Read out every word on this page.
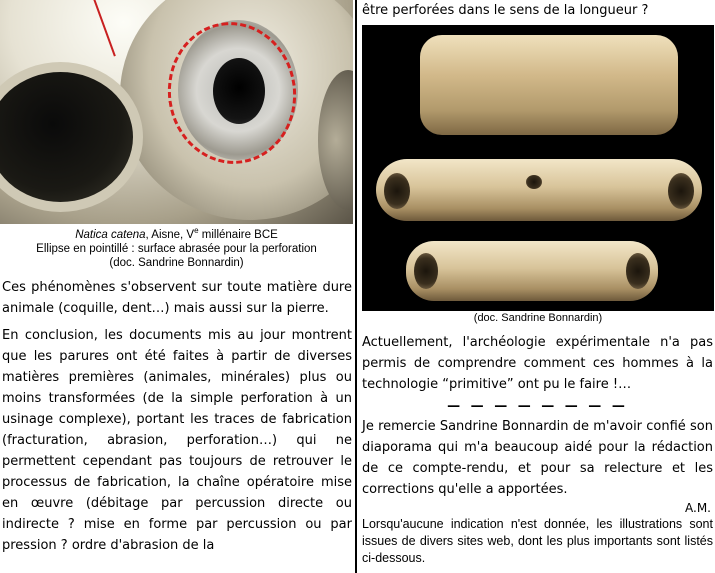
Natica catena, Aisne, Ve millénaire BCE
Ellipse en pointillé : surface abrasée pour la perforation
(doc. Sandrine Bonnardin)

Ces phénomènes s'observent sur toute matière dure animale (coquille, dent…) mais aussi sur la pierre.

En conclusion, les documents mis au jour montrent que les parures ont été faites à partir de diverses matières premières (animales, minérales) plus ou moins transformées (de la simple perforation à un usinage complexe), portant les traces de fabrication (fracturation, abrasion, perforation…) qui ne permettent cependant pas toujours de retrouver le processus de fabrication, la chaîne opératoire mise en œuvre (débitage par percussion directe ou indirecte ? mise en forme par percussion ou par pression ? ordre d'abrasion de la

être perforées dans le sens de la longueur ?
(doc. Sandrine Bonnardin)
Actuellement, l'archéologie expérimentale n'a pas permis de comprendre comment ces hommes à la technologie “primitive” ont pu le faire !…
— — — — — — — —
Je remercie Sandrine Bonnardin de m'avoir confié son diaporama qui m'a beaucoup aidé pour la rédaction de ce compte-rendu, et pour sa relecture et les corrections qu'elle a apportées.
A.M.
Lorsqu'aucune indication n'est donnée, les illustrations sont issues de divers sites web, dont les plus importants sont listés ci-dessous.
